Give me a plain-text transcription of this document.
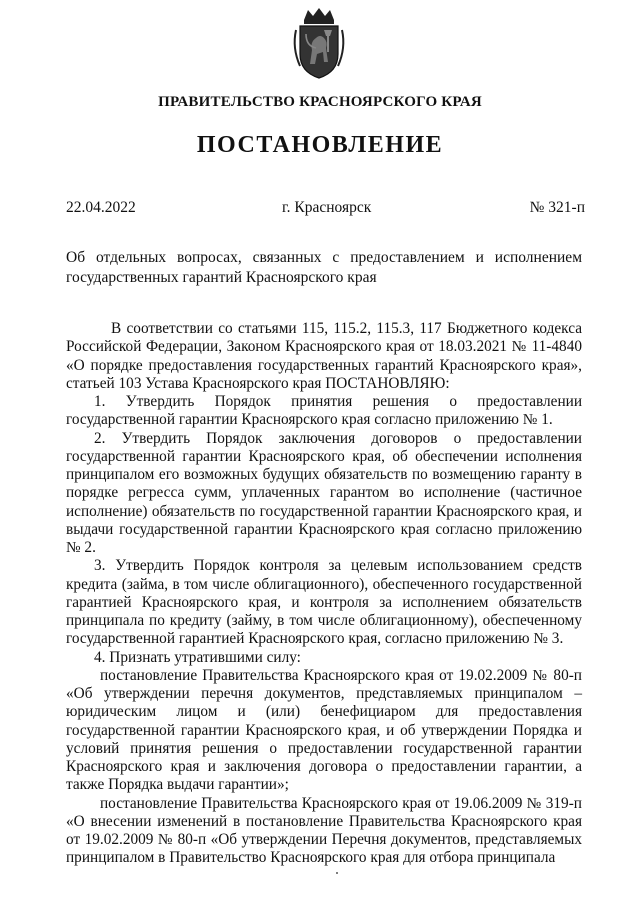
ПРАВИТЕЛЬСТВО КРАСНОЯРСКОГО КРАЯ
ПОСТАНОВЛЕНИЕ
22.04.2022	г. Красноярск	№ 321-п
Об отдельных вопросах, связанных с предоставлением и исполнением государственных гарантий Красноярского края

В соответствии со статьями 115, 115.2, 115.3, 117 Бюджетного кодекса Российской Федерации, Законом Красноярского края от 18.03.2021 № 11-4840 «О порядке предоставления государственных гарантий Красноярского края», статьей 103 Устава Красноярского края ПОСТАНОВЛЯЮ:

1. Утвердить Порядок принятия решения о предоставлении государственной гарантии Красноярского края согласно приложению № 1.

2. Утвердить Порядок заключения договоров о предоставлении государственной гарантии Красноярского края, об обеспечении исполнения принципалом его возможных будущих обязательств по возмещению гаранту в порядке регресса сумм, уплаченных гарантом во исполнение (частичное исполнение) обязательств по государственной гарантии Красноярского края, и выдачи государственной гарантии Красноярского края согласно приложению № 2.

3. Утвердить Порядок контроля за целевым использованием средств кредита (займа, в том числе облигационного), обеспеченного государственной гарантией Красноярского края, и контроля за исполнением обязательств принципала по кредиту (займу, в том числе облигационному), обеспеченному государственной гарантией Красноярского края, согласно приложению № 3.

4. Признать утратившими силу:

постановление Правительства Красноярского края от 19.02.2009 № 80-п «Об утверждении перечня документов, представляемых принципалом – юридическим лицом и (или) бенефициаром для предоставления государственной гарантии Красноярского края, и об утверждении Порядка и условий принятия решения о предоставлении государственной гарантии Красноярского края и заключения договора о предоставлении гарантии, а также Порядка выдачи гарантии»;

постановление Правительства Красноярского края от 19.06.2009 № 319-п «О внесении изменений в постановление Правительства Красноярского края от 19.02.2009 № 80-п «Об утверждении Перечня документов, представляемых принципалом в Правительство Красноярского края для отбора принципала
